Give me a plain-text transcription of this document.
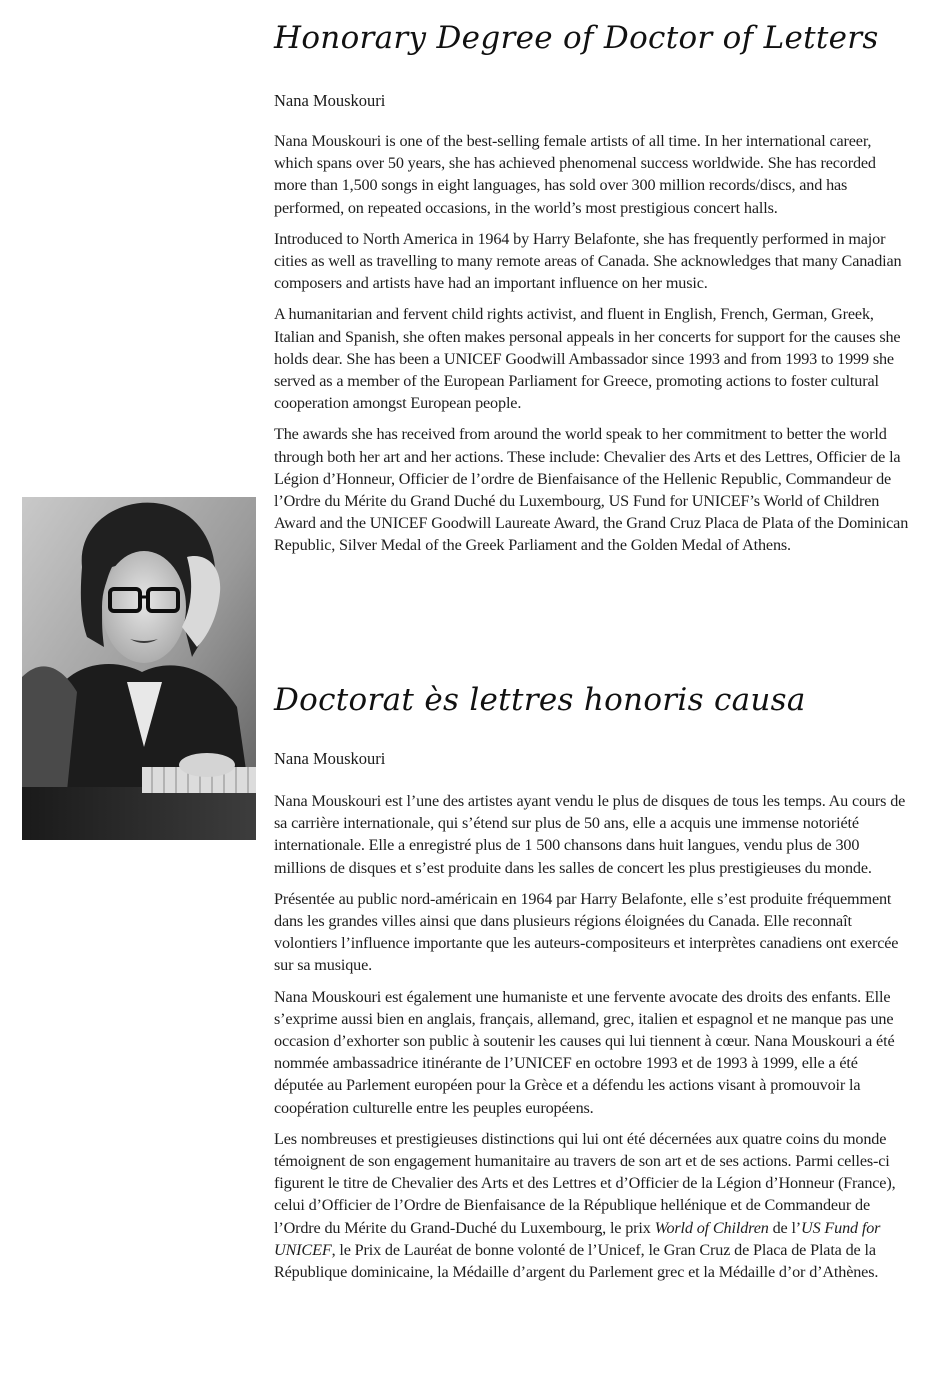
Honorary Degree of Doctor of Letters
Nana Mouskouri

Nana Mouskouri is one of the best-selling female artists of all time. In her international career, which spans over 50 years, she has achieved phenomenal success worldwide. She has recorded more than 1,500 songs in eight languages, has sold over 300 million records/discs, and has performed, on repeated occasions, in the world’s most prestigious concert halls.

Introduced to North America in 1964 by Harry Belafonte, she has frequently performed in major cities as well as travelling to many remote areas of Canada. She acknowledges that many Canadian composers and artists have had an important influence on her music.

A humanitarian and fervent child rights activist, and fluent in English, French, German, Greek, Italian and Spanish, she often makes personal appeals in her concerts for support for the causes she holds dear. She has been a UNICEF Goodwill Ambassador since 1993 and from 1993 to 1999 she served as a member of the European Parliament for Greece, promoting actions to foster cultural cooperation amongst European people.

The awards she has received from around the world speak to her commitment to better the world through both her art and her actions. These include: Chevalier des Arts et des Lettres, Officier de la Légion d’Honneur, Officier de l’ordre de Bienfaisance of the Hellenic Republic, Commandeur de l’Ordre du Mérite du Grand Duché du Luxembourg, US Fund for UNICEF’s World of Children Award and the UNICEF Goodwill Laureate Award, the Grand Cruz Placa de Plata of the Dominican Republic, Silver Medal of the Greek Parliament and the Golden Medal of Athens.

Doctorat ès lettres honoris causa
Nana Mouskouri

Nana Mouskouri est l’une des artistes ayant vendu le plus de disques de tous les temps. Au cours de sa carrière internationale, qui s’étend sur plus de 50 ans, elle a acquis une immense notoriété internationale. Elle a enregistré plus de 1 500 chansons dans huit langues, vendu plus de 300 millions de disques et s’est produite dans les salles de concert les plus prestigieuses du monde.

Présentée au public nord-américain en 1964 par Harry Belafonte, elle s’est produite fréquemment dans les grandes villes ainsi que dans plusieurs régions éloignées du Canada. Elle reconnaît volontiers l’influence importante que les auteurs-compositeurs et interprètes canadiens ont exercée sur sa musique.

Nana Mouskouri est également une humaniste et une fervente avocate des droits des enfants. Elle s’exprime aussi bien en anglais, français, allemand, grec, italien et espagnol et ne manque pas une occasion d’exhorter son public à soutenir les causes qui lui tiennent à cœur. Nana Mouskouri a été nommée ambassadrice itinérante de l’UNICEF en octobre 1993 et de 1993 à 1999, elle a été députée au Parlement européen pour la Grèce et a défendu les actions visant à promouvoir la coopération culturelle entre les peuples européens.

Les nombreuses et prestigieuses distinctions qui lui ont été décernées aux quatre coins du monde témoignent de son engagement humanitaire au travers de son art et de ses actions. Parmi celles-ci figurent le titre de Chevalier des Arts et des Lettres et d’Officier de la Légion d’Honneur (France), celui d’Officier de l’Ordre de Bienfaisance de la République hellénique et de Commandeur de l’Ordre du Mérite du Grand-Duché du Luxembourg, le prix World of Children de l’US Fund for UNICEF, le Prix de Lauréat de bonne volonté de l’Unicef, le Gran Cruz de Placa de Plata de la République dominicaine, la Médaille d’argent du Parlement grec et la Médaille d’or d’Athènes.
